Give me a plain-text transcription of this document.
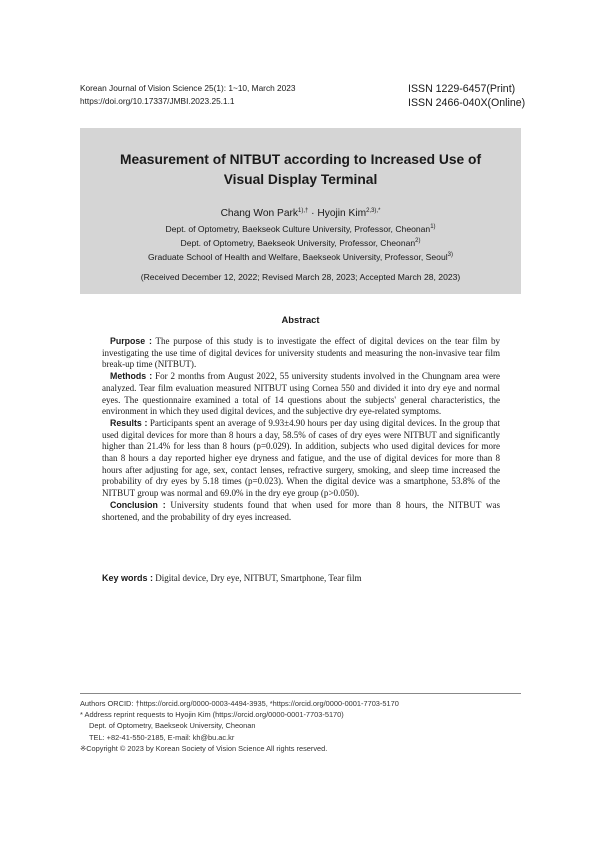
Korean Journal of Vision Science 25(1): 1~10, March 2023
https://doi.org/10.17337/JMBI.2023.25.1.1
ISSN 1229-6457(Print)
ISSN 2466-040X(Online)
Measurement of NITBUT according to Increased Use of
Visual Display Terminal
Chang Won Park$^{1),\dagger}$ · Hyojin Kim$^{2,3),*}$
Dept. of Optometry, Baekseok Culture University, Professor, Cheonan$^{1)}$
Dept. of Optometry, Baekseok University, Professor, Cheonan$^{2)}$
Graduate School of Health and Welfare, Baekseok University, Professor, Seoul$^{3)}$
(Received December 12, 2022; Revised March 28, 2023; Accepted March 28, 2023)
Abstract

Purpose : The purpose of this study is to investigate the effect of digital devices on the tear film by investigating the use time of digital devices for university students and measuring the non-invasive tear film break-up time (NITBUT).

Methods : For 2 months from August 2022, 55 university students involved in the Chungnam area were analyzed. Tear film evaluation measured NITBUT using Cornea 550 and divided it into dry eye and normal eyes. The questionnaire examined a total of 14 questions about the subjects' general characteristics, the environment in which they used digital devices, and the subjective dry eye-related symptoms.

Results : Participants spent an average of 9.93±4.90 hours per day using digital devices. In the group that used digital devices for more than 8 hours a day, 58.5% of cases of dry eyes were NITBUT and significantly higher than 21.4% for less than 8 hours (p=0.029). In addition, subjects who used digital devices for more than 8 hours a day reported higher eye dryness and fatigue, and the use of digital devices for more than 8 hours after adjusting for age, sex, contact lenses, refractive surgery, smoking, and sleep time increased the probability of dry eyes by 5.18 times (p=0.023). When the digital device was a smartphone, 53.8% of the NITBUT group was normal and 69.0% in the dry eye group (p>0.050).

Conclusion : University students found that when used for more than 8 hours, the NITBUT was shortened, and the probability of dry eyes increased.

Key words : Digital device, Dry eye, NITBUT, Smartphone, Tear film
Authors ORCID: †https://orcid.org/0000-0003-4494-3935, *https://orcid.org/0000-0001-7703-5170
* Address reprint requests to Hyojin Kim (https://orcid.org/0000-0001-7703-5170)
Dept. of Optometry, Baekseok University, Cheonan
TEL: +82-41-550-2185, E-mail: kh@bu.ac.kr
※Copyright © 2023 by Korean Society of Vision Science All rights reserved.
